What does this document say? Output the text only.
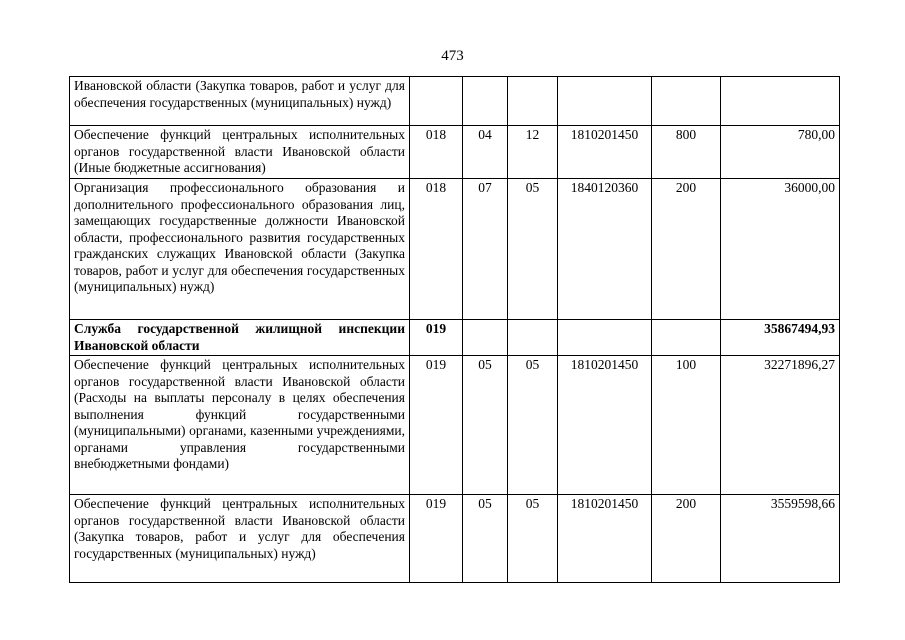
473
Ивановской области (Закупка товаров, работ и услуг для обеспечения государственных (муниципальных) нужд)						
Обеспечение функций центральных исполнительных органов государственной власти Ивановской области (Иные бюджетные ассигнования)	018	04	12	1810201450	800	780,00
Организация профессионального образования и дополнительного профессионального образования лиц, замещающих государственные должности Ивановской области, профессионального развития государственных гражданских служащих Ивановской области (Закупка товаров, работ и услуг для обеспечения государственных (муниципальных) нужд)	018	07	05	1840120360	200	36000,00
Служба государственной жилищной инспекции Ивановской области	019					35867494,93
Обеспечение функций центральных исполнительных органов государственной власти Ивановской области (Расходы на выплаты персоналу в целях обеспечения выполнения функций государственными (муниципальными) органами, казенными учреждениями, органами управления государственными внебюджетными фондами)	019	05	05	1810201450	100	32271896,27
Обеспечение функций центральных исполнительных органов государственной власти Ивановской области (Закупка товаров, работ и услуг для обеспечения государственных (муниципальных) нужд)	019	05	05	1810201450	200	3559598,66
